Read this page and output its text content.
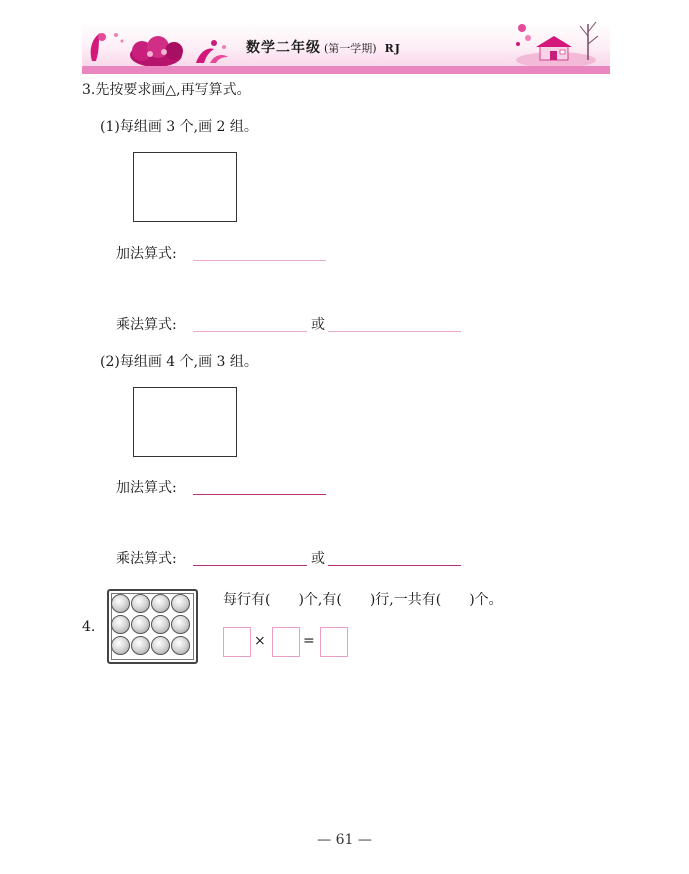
数学二年级 (第一学期) RJ
3.先按要求画△,再写算式。
(1)每组画 3 个,画 2 组。
加法算式:
乘法算式:	或
(2)每组画 4 个,画 3 组。
加法算式:
乘法算式:	或
4.
每行有(　　)个,有(　　)行,一共有(　　)个。
×	=
— 61 —
